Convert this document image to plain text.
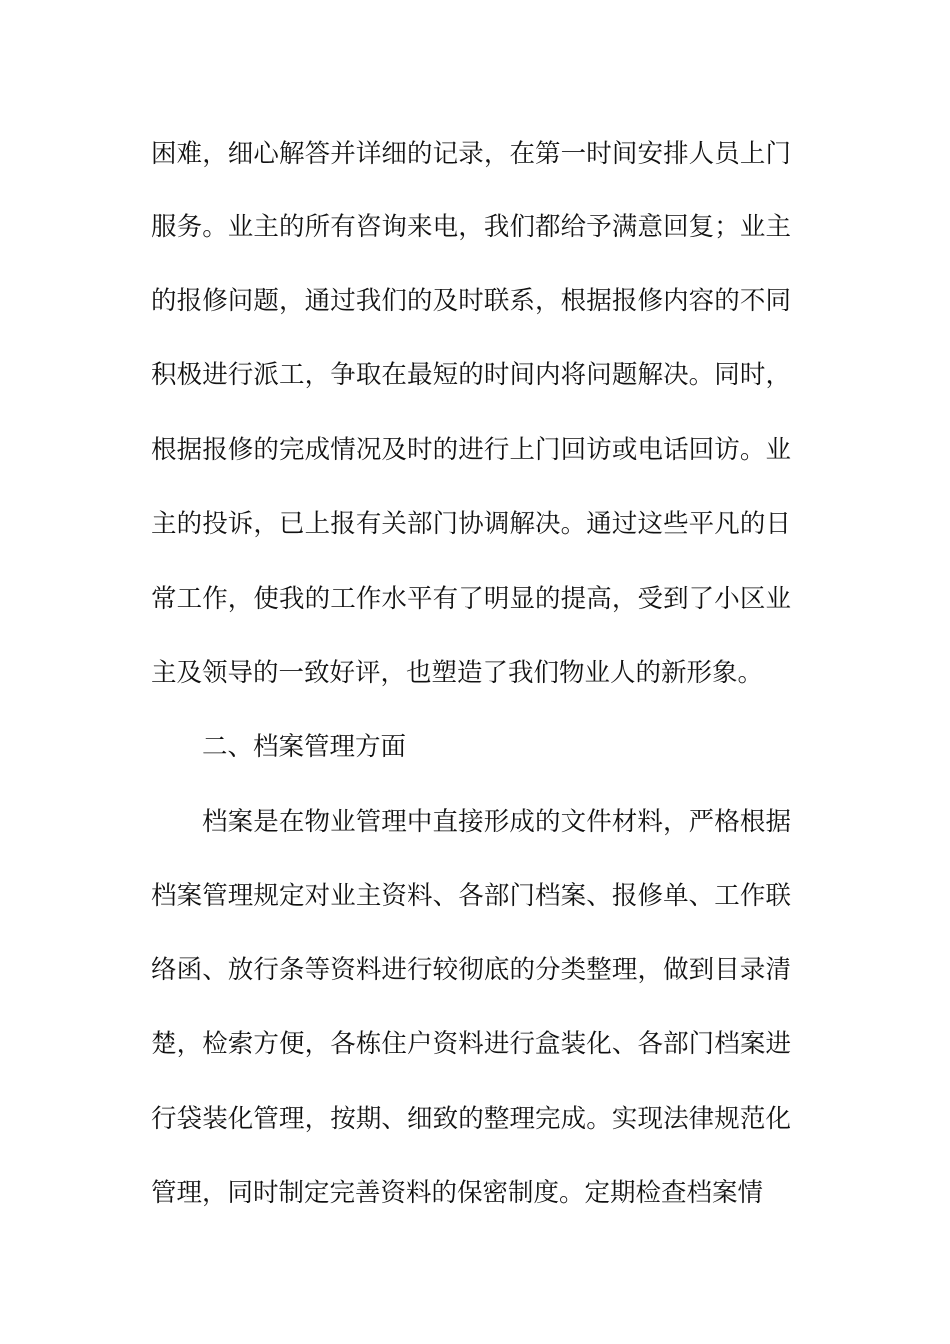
困难，细心解答并详细的记录，在第一时间安排人员上门
服务。业主的所有咨询来电，我们都给予满意回复；业主
的报修问题，通过我们的及时联系，根据报修内容的不同
积极进行派工，争取在最短的时间内将问题解决。同时，
根据报修的完成情况及时的进行上门回访或电话回访。业
主的投诉，已上报有关部门协调解决。通过这些平凡的日
常工作，使我的工作水平有了明显的提高，受到了小区业
主及领导的一致好评，也塑造了我们物业人的新形象。
二、档案管理方面
档案是在物业管理中直接形成的文件材料，严格根据
档案管理规定对业主资料、各部门档案、报修单、工作联
络函、放行条等资料进行较彻底的分类整理，做到目录清
楚，检索方便，各栋住户资料进行盒装化、各部门档案进
行袋装化管理，按期、细致的整理完成。实现法律规范化
管理，同时制定完善资料的保密制度。定期检查档案情
